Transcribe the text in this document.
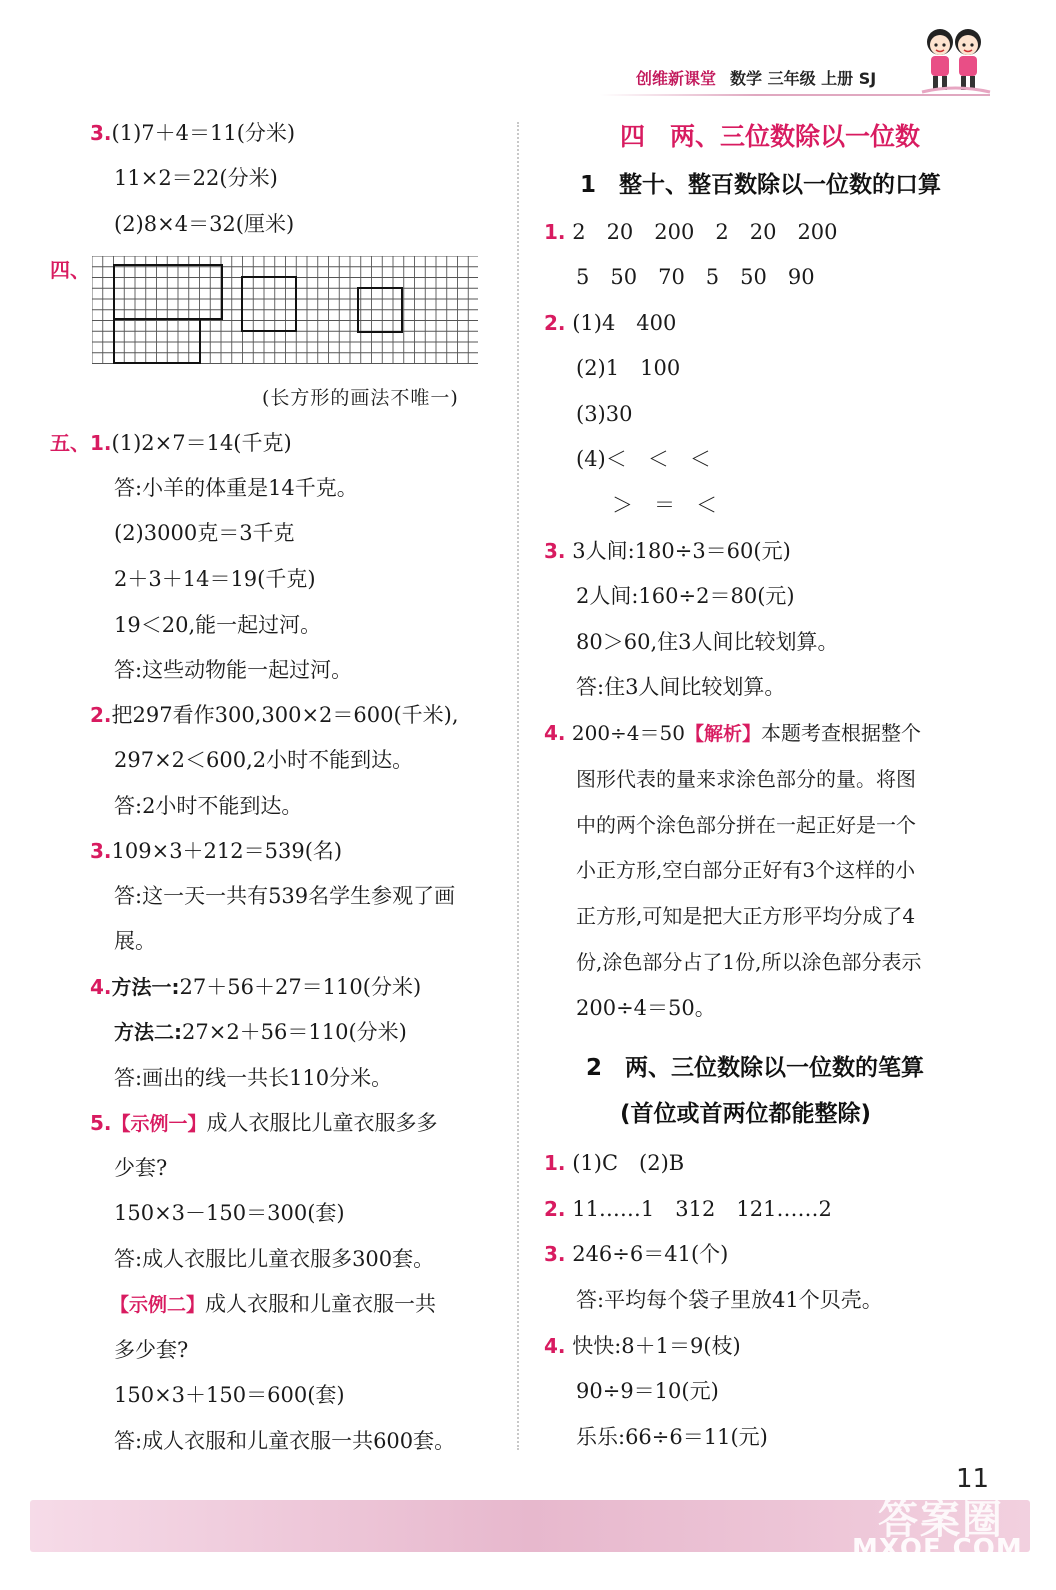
创维新课堂 数学 三年级 上册 SJ
3.(1)7＋4＝11(分米)
11×2＝22(分米)
(2)8×4＝32(厘米)
四、
(长方形的画法不唯一)
五、1.(1)2×7＝14(千克)
答:小羊的体重是14千克。
(2)3000克＝3千克
2＋3＋14＝19(千克)
19＜20,能一起过河。
答:这些动物能一起过河。
2.把297看作300,300×2＝600(千米),
297×2＜600,2小时不能到达。
答:2小时不能到达。
3.109×3＋212＝539(名)
答:这一天一共有539名学生参观了画
展。
4.方法一:27＋56＋27＝110(分米)
方法二:27×2＋56＝110(分米)
答:画出的线一共长110分米。
5.【示例一】成人衣服比儿童衣服多多
少套?
150×3－150＝300(套)
答:成人衣服比儿童衣服多300套。
【示例二】成人衣服和儿童衣服一共
多少套?
150×3＋150＝600(套)
答:成人衣服和儿童衣服一共600套。
四　两、三位数除以一位数
1　整十、整百数除以一位数的口算
1. 2　20　200　2　20　200
5　50　70　5　50　90
2. (1)4　400
(2)1　100
(3)30
(4)＜　＜　＜
＞　＝　＜
3. 3人间:180÷3＝60(元)
2人间:160÷2＝80(元)
80＞60,住3人间比较划算。
答:住3人间比较划算。
4. 200÷4＝50【解析】本题考查根据整个
图形代表的量来求涂色部分的量。将图
中的两个涂色部分拼在一起正好是一个
小正方形,空白部分正好有3个这样的小
正方形,可知是把大正方形平均分成了4
份,涂色部分占了1份,所以涂色部分表示
200÷4＝50。
2　两、三位数除以一位数的笔算
(首位或首两位都能整除)
1. (1)C　(2)B
2. 11……1　312　121……2
3. 246÷6＝41(个)
答:平均每个袋子里放41个贝壳。
4. 快快:8＋1＝9(枝)
90÷9＝10(元)
乐乐:66÷6＝11(元)
11
答案圈
MXQE.COM
